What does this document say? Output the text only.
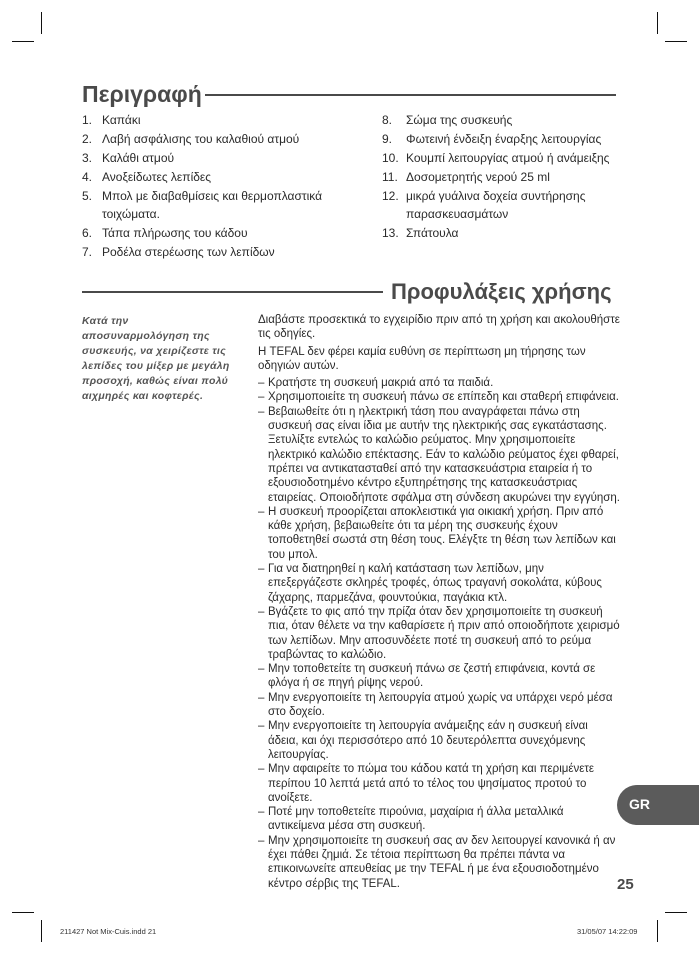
Περιγραφή
1. Καπάκι
2. Λαβή ασφάλισης του καλαθιού ατμού
3. Καλάθι ατμού
4. Ανοξείδωτες λεπίδες
5. Μπολ με διαβαθμίσεις και θερμοπλαστικά τοιχώματα.
6. Τάπα πλήρωσης του κάδου
7. Ροδέλα στερέωσης των λεπίδων
8. Σώμα της συσκευής
9. Φωτεινή ένδειξη έναρξης λειτουργίας
10. Κουμπί λειτουργίας ατμού ή ανάμειξης
11. Δοσομετρητής νερού 25 ml
12. μικρά γυάλινα δοχεία συντήρησης παρασκευασμάτων
13. Σπάτουλα
Προφυλάξεις χρήσης
Κατά την αποσυναρμολόγηση της συσκευής, να χειρίζεστε τις λεπίδες του μίξερ με μεγάλη προσοχή, καθώς είναι πολύ αιχμηρές και κοφτερές.

Διαβάστε προσεκτικά το εγχειρίδιο πριν από τη χρήση και ακολουθήστε τις οδηγίες.

Η TEFAL δεν φέρει καμία ευθύνη σε περίπτωση μη τήρησης των οδηγιών αυτών.

– Κρατήστε τη συσκευή μακριά από τα παιδιά.
– Χρησιμοποιείτε τη συσκευή πάνω σε επίπεδη και σταθερή επιφάνεια.
– Βεβαιωθείτε ότι η ηλεκτρική τάση που αναγράφεται πάνω στη συσκευή σας είναι ίδια με αυτήν της ηλεκτρικής σας εγκατάστασης. Ξετυλίξτε εντελώς το καλώδιο ρεύματος. Μην χρησιμοποιείτε ηλεκτρικό καλώδιο επέκτασης. Εάν το καλώδιο ρεύματος έχει φθαρεί, πρέπει να αντικατασταθεί από την κατασκευάστρια εταιρεία ή το εξουσιοδοτημένο κέντρο εξυπηρέτησης της κατασκευάστριας εταιρείας. Οποιοδήποτε σφάλμα στη σύνδεση ακυρώνει την εγγύηση.
– Η συσκευή προορίζεται αποκλειστικά για οικιακή χρήση. Πριν από κάθε χρήση, βεβαιωθείτε ότι τα μέρη της συσκευής έχουν τοποθετηθεί σωστά στη θέση τους. Ελέγξτε τη θέση των λεπίδων και του μπολ.
– Για να διατηρηθεί η καλή κατάσταση των λεπίδων, μην επεξεργάζεστε σκληρές τροφές, όπως τραγανή σοκολάτα, κύβους ζάχαρης, παρμεζάνα, φουντούκια, παγάκια κτλ.
– Βγάζετε το φις από την πρίζα όταν δεν χρησιμοποιείτε τη συσκευή πια, όταν θέλετε να την καθαρίσετε ή πριν από οποιοδήποτε χειρισμό των λεπίδων. Μην αποσυνδέετε ποτέ τη συσκευή από το ρεύμα τραβώντας το καλώδιο.
– Μην τοποθετείτε τη συσκευή πάνω σε ζεστή επιφάνεια, κοντά σε φλόγα ή σε πηγή ρίψης νερού.
– Μην ενεργοποιείτε τη λειτουργία ατμού χωρίς να υπάρχει νερό μέσα στο δοχείο.
– Μην ενεργοποιείτε τη λειτουργία ανάμειξης εάν η συσκευή είναι άδεια, και όχι περισσότερο από 10 δευτερόλεπτα συνεχόμενης λειτουργίας.
– Μην αφαιρείτε το πώμα του κάδου κατά τη χρήση και περιμένετε περίπου 10 λεπτά μετά από το τέλος του ψησίματος προτού το ανοίξετε.
– Ποτέ μην τοποθετείτε πιρούνια, μαχαίρια ή άλλα μεταλλικά αντικείμενα μέσα στη συσκευή.
– Μην χρησιμοποιείτε τη συσκευή σας αν δεν λειτουργεί κανονικά ή αν έχει πάθει ζημιά. Σε τέτοια περίπτωση θα πρέπει πάντα να επικοινωνείτε απευθείας με την TEFAL ή με ένα εξουσιοδοτημένο κέντρο σέρβις της TEFAL.
GR
25
211427 Not Mix-Cuis.indd 21	31/05/07 14:22:09
